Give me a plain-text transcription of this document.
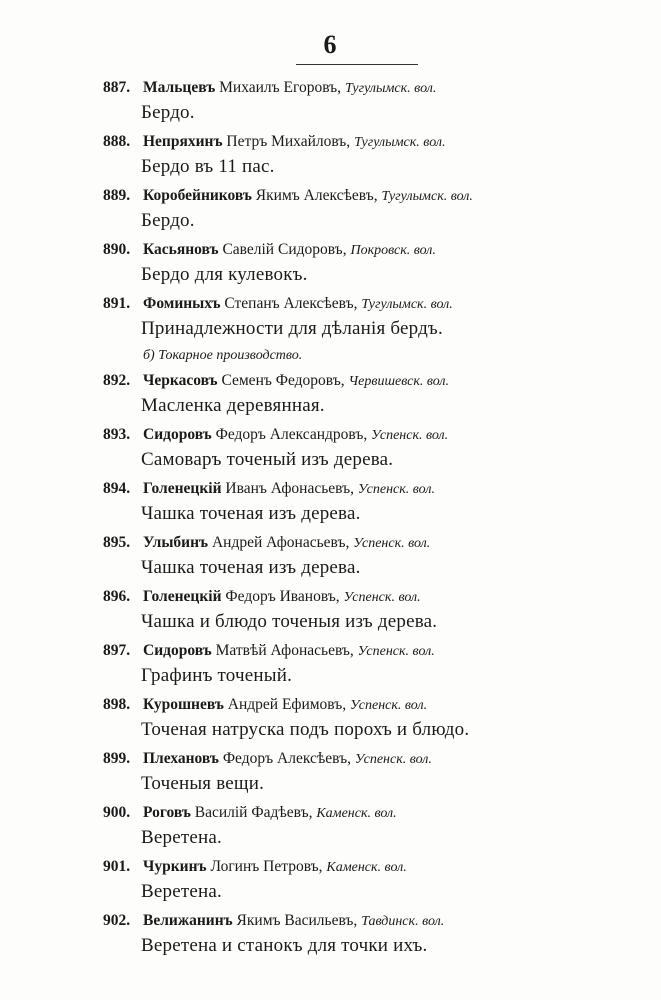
6
887. Мальцевъ Михаилъ Егоровъ, Тугулымск. вол.
Бердо.
888. Непряхинъ Петръ Михайловъ, Тугулымск. вол.
Бердо въ 11 пас.
889. Коробейниковъ Якимъ Алексѣевъ, Тугулымск. вол.
Бердо.
890. Касьяновъ Савелій Сидоровъ, Покровск. вол.
Бердо для кулевокъ.
891. Фоминыхъ Степанъ Алексѣевъ, Тугулымск. вол.
Принадлежности для дѣланія бердъ.
б) Токарное производство.
892. Черкасовъ Семенъ Федоровъ, Червишевск. вол.
Масленка деревянная.
893. Сидоровъ Федоръ Александровъ, Успенск. вол.
Самоваръ точеный изъ дерева.
894. Голенецкій Иванъ Афонасьевъ, Успенск. вол.
Чашка точеная изъ дерева.
895. Улыбинъ Андрей Афонасьевъ, Успенск. вол.
Чашка точеная изъ дерева.
896. Голенецкій Федоръ Ивановъ, Успенск. вол.
Чашка и блюдо точеныя изъ дерева.
897. Сидоровъ Матвѣй Афонасьевъ, Успенск. вол.
Графинъ точеный.
898. Курошневъ Андрей Ефимовъ, Успенск. вол.
Точеная натруска подъ порохъ и блюдо.
899. Плехановъ Федоръ Алексѣевъ, Успенск. вол.
Точеныя вещи.
900. Роговъ Василій Фадѣевъ, Каменск. вол.
Веретена.
901. Чуркинъ Логинъ Петровъ, Каменск. вол.
Веретена.
902. Велижанинъ Якимъ Васильевъ, Тавдинск. вол.
Веретена и станокъ для точки ихъ.
